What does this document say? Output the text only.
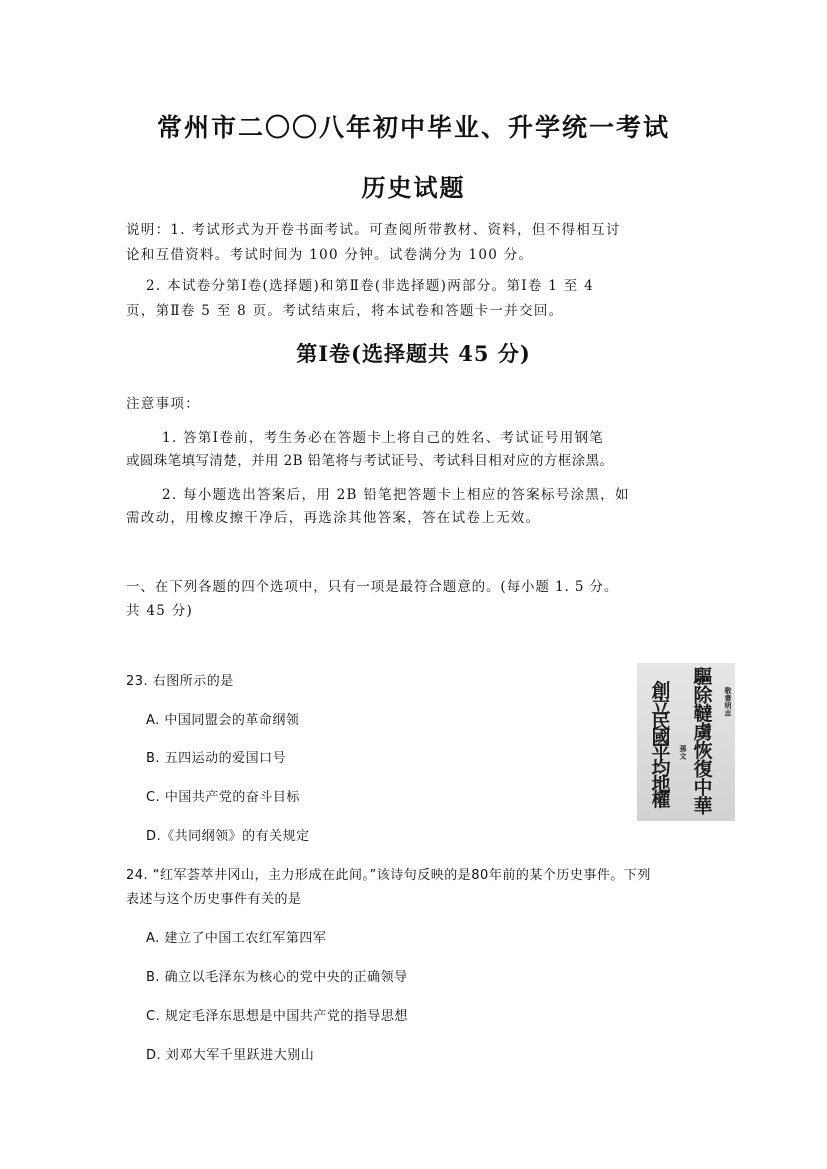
常州市二〇〇八年初中毕业、升学统一考试
历史试题
说明：1. 考试形式为开卷书面考试。可查阅所带教材、资料，但不得相互讨
论和互借资料。考试时间为 100 分钟。试卷满分为 100 分。
2. 本试卷分第Ⅰ卷(选择题)和第Ⅱ卷(非选择题)两部分。第Ⅰ卷 1 至 4
页，第Ⅱ卷 5 至 8 页。考试结束后，将本试卷和答题卡一并交回。
第Ⅰ卷(选择题共 45 分)
注意事项：
1. 答第Ⅰ卷前，考生务必在答题卡上将自己的姓名、考试证号用钢笔
或圆珠笔填写清楚，并用 2B 铅笔将与考试证号、考试科目相对应的方框涂黑。
2. 每小题选出答案后，用 2B 铅笔把答题卡上相应的答案标号涂黑，如
需改动，用橡皮擦干净后，再选涂其他答案，答在试卷上无效。
一、在下列各题的四个选项中，只有一项是最符合题意的。(每小题 1. 5 分。
共 45 分)
23. 右图所示的是
A. 中国同盟会的革命纲领
B. 五四运动的爱国口号
C. 中国共产党的奋斗目标
D.《共同纲领》的有关规定
驅除韃虜恢復中華
創立民國平均地權
敬書明志
孫文
24. “红军荟萃井冈山，主力形成在此间。”该诗句反映的是80年前的某个历史事件。下列
表述与这个历史事件有关的是
A. 建立了中国工农红军第四军
B. 确立以毛泽东为核心的党中央的正确领导
C. 规定毛泽东思想是中国共产党的指导思想
D. 刘邓大军千里跃进大别山
